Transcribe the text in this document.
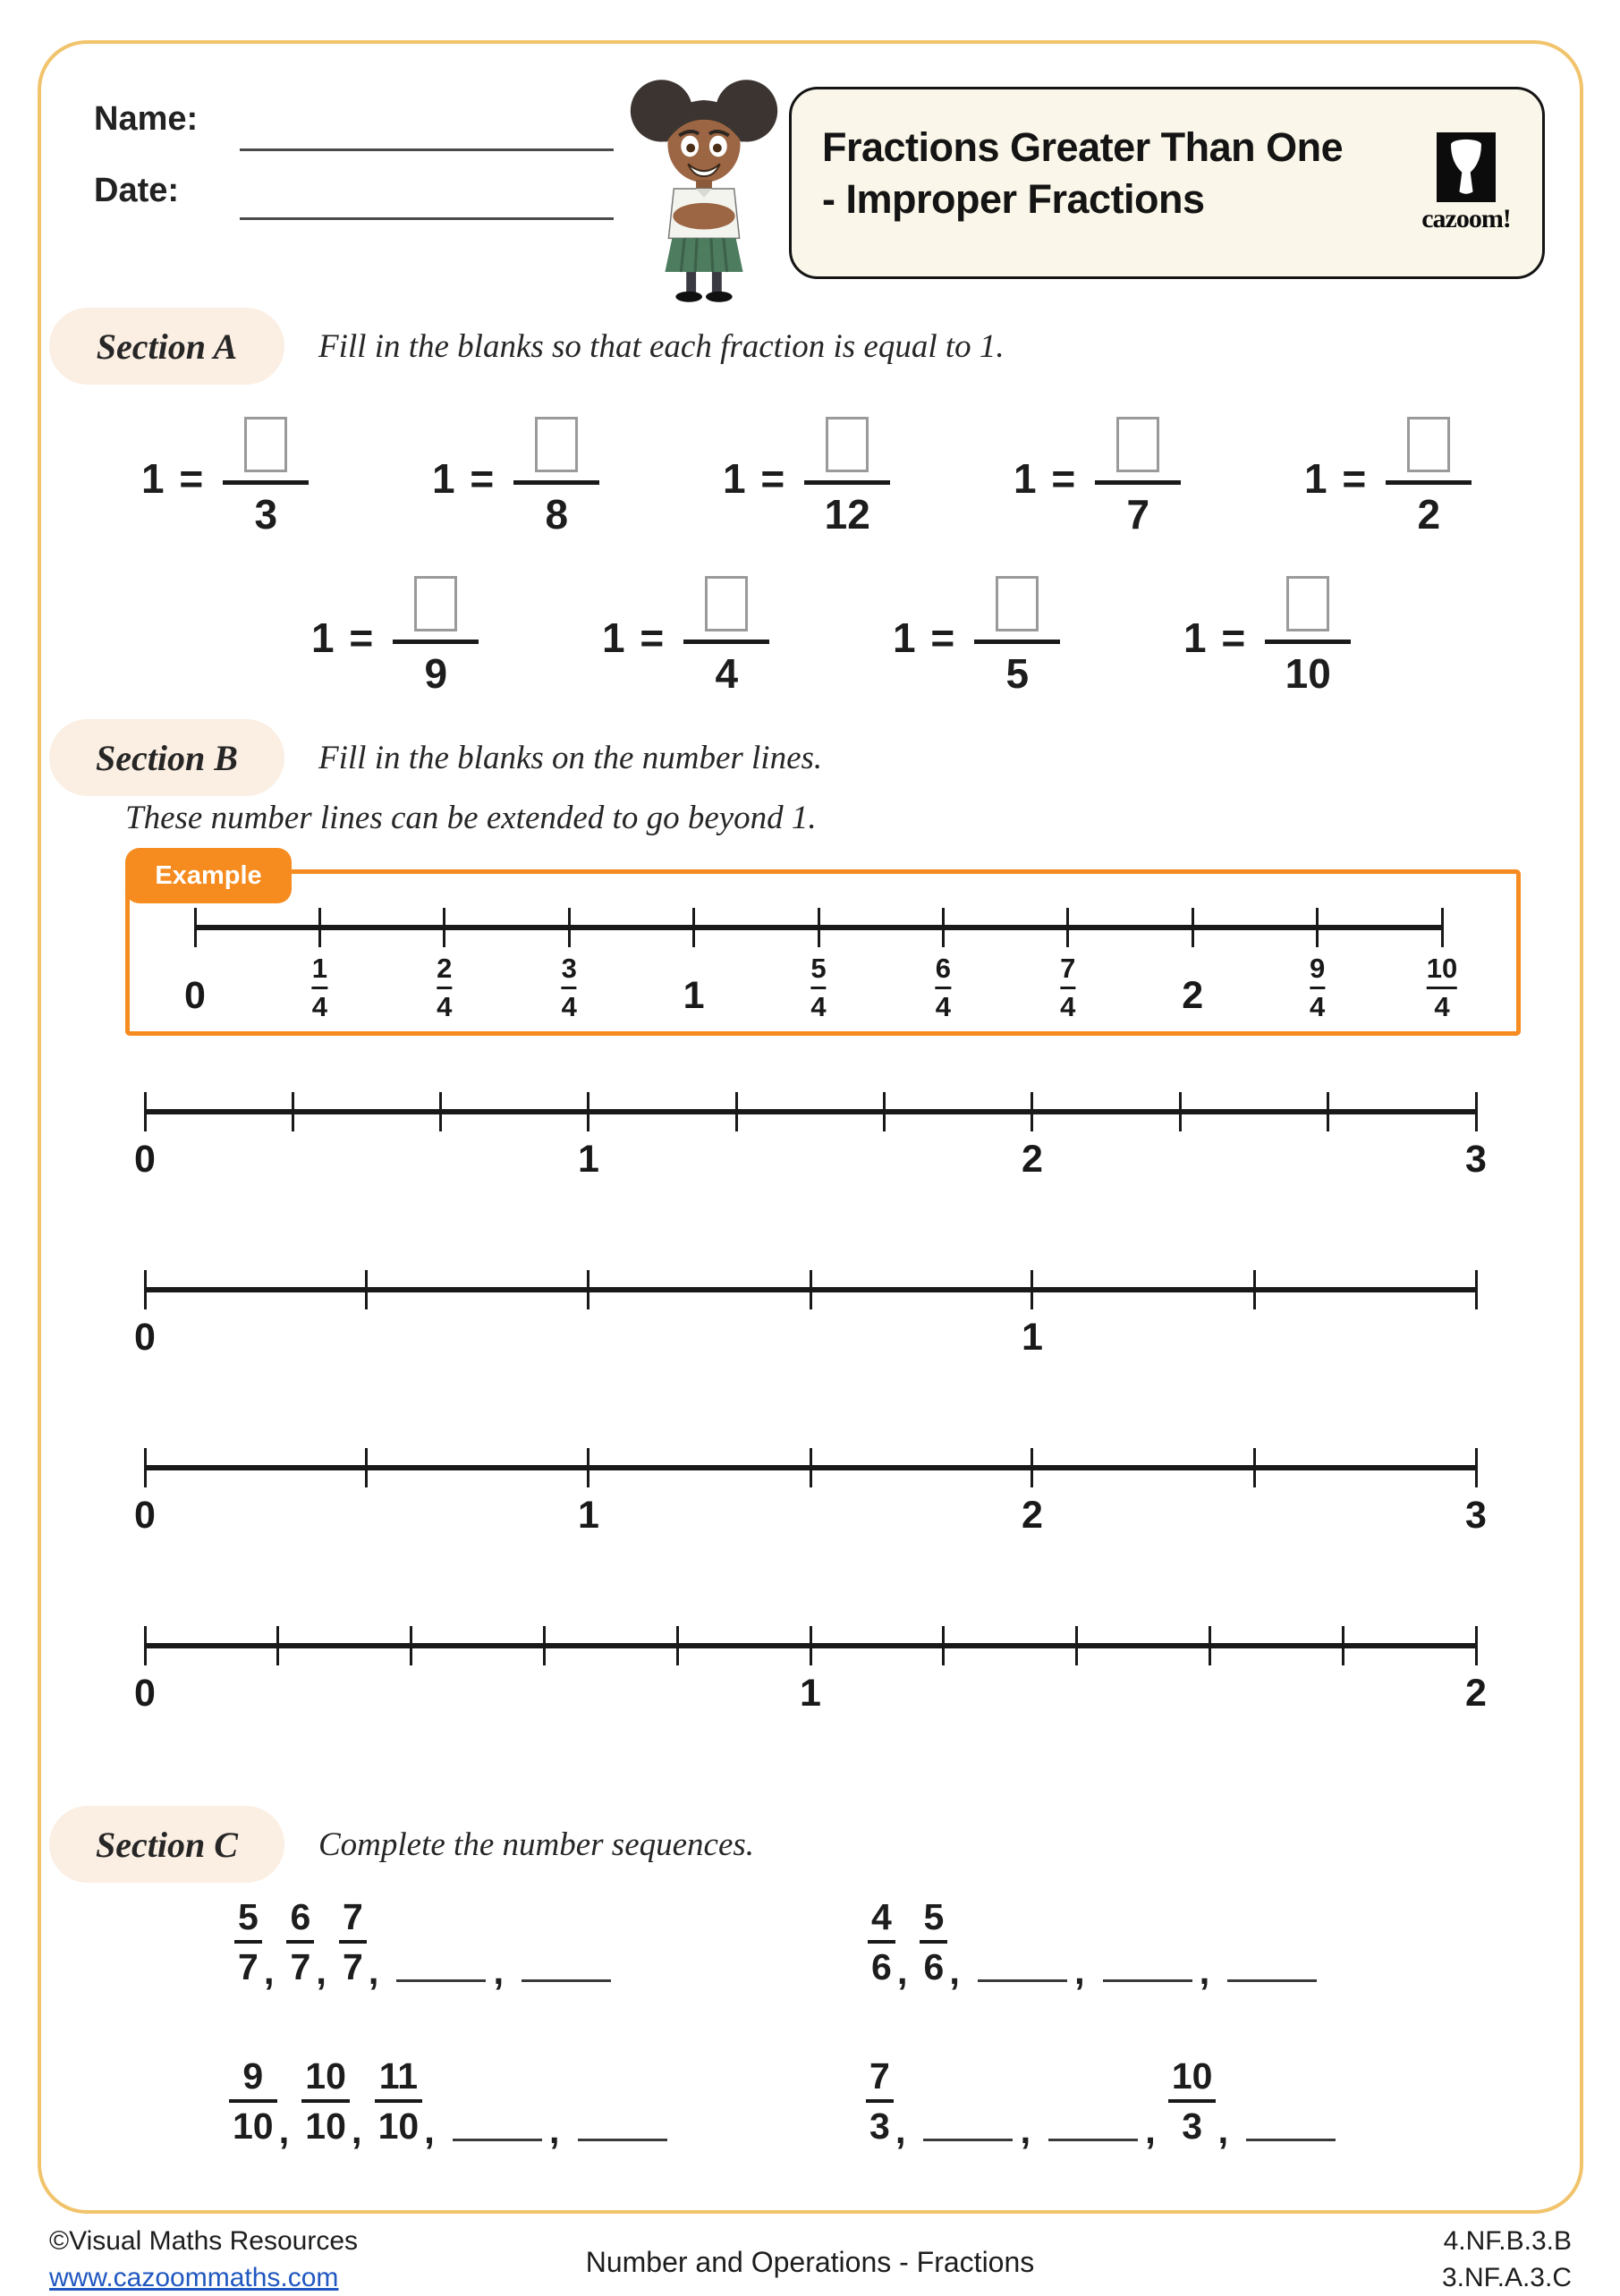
Name:
Date:
Fractions Greater Than One
- Improper Fractions	cazoom!
Section A Fill in the blanks so that each fraction is equal to 1.
1 =
3
1 =
8
1 =
12
1 =
7
1 =
2
1 =
9
1 =
4
1 =
5
1 =
10
Section B Fill in the blanks on the number lines.
These number lines can be extended to go beyond 1.
Example
0
1
4
2
4
3
4	1
5
4
6
4
7
4	2
9
4
10
4
0	1	2	3
0	1
0	1	2	3
0	1	2
Section C Complete the number sequences.
$\frac{5}{7}$ , $\frac{6}{7}$ , $\frac{7}{7}$ ,	,	$\frac{4}{6}$ , $\frac{5}{6}$ ,	,	,
$\frac{9}{10}$ , $\frac{10}{10}$ , $\frac{11}{10}$ ,	,	$\frac{7}{3}$ ,	,	, $\frac{10}{3}$ ,
©Visual Maths Resources
www.cazoommaths.com	Number and Operations - Fractions
4.NF.B.3.B
3.NF.A.3.C
